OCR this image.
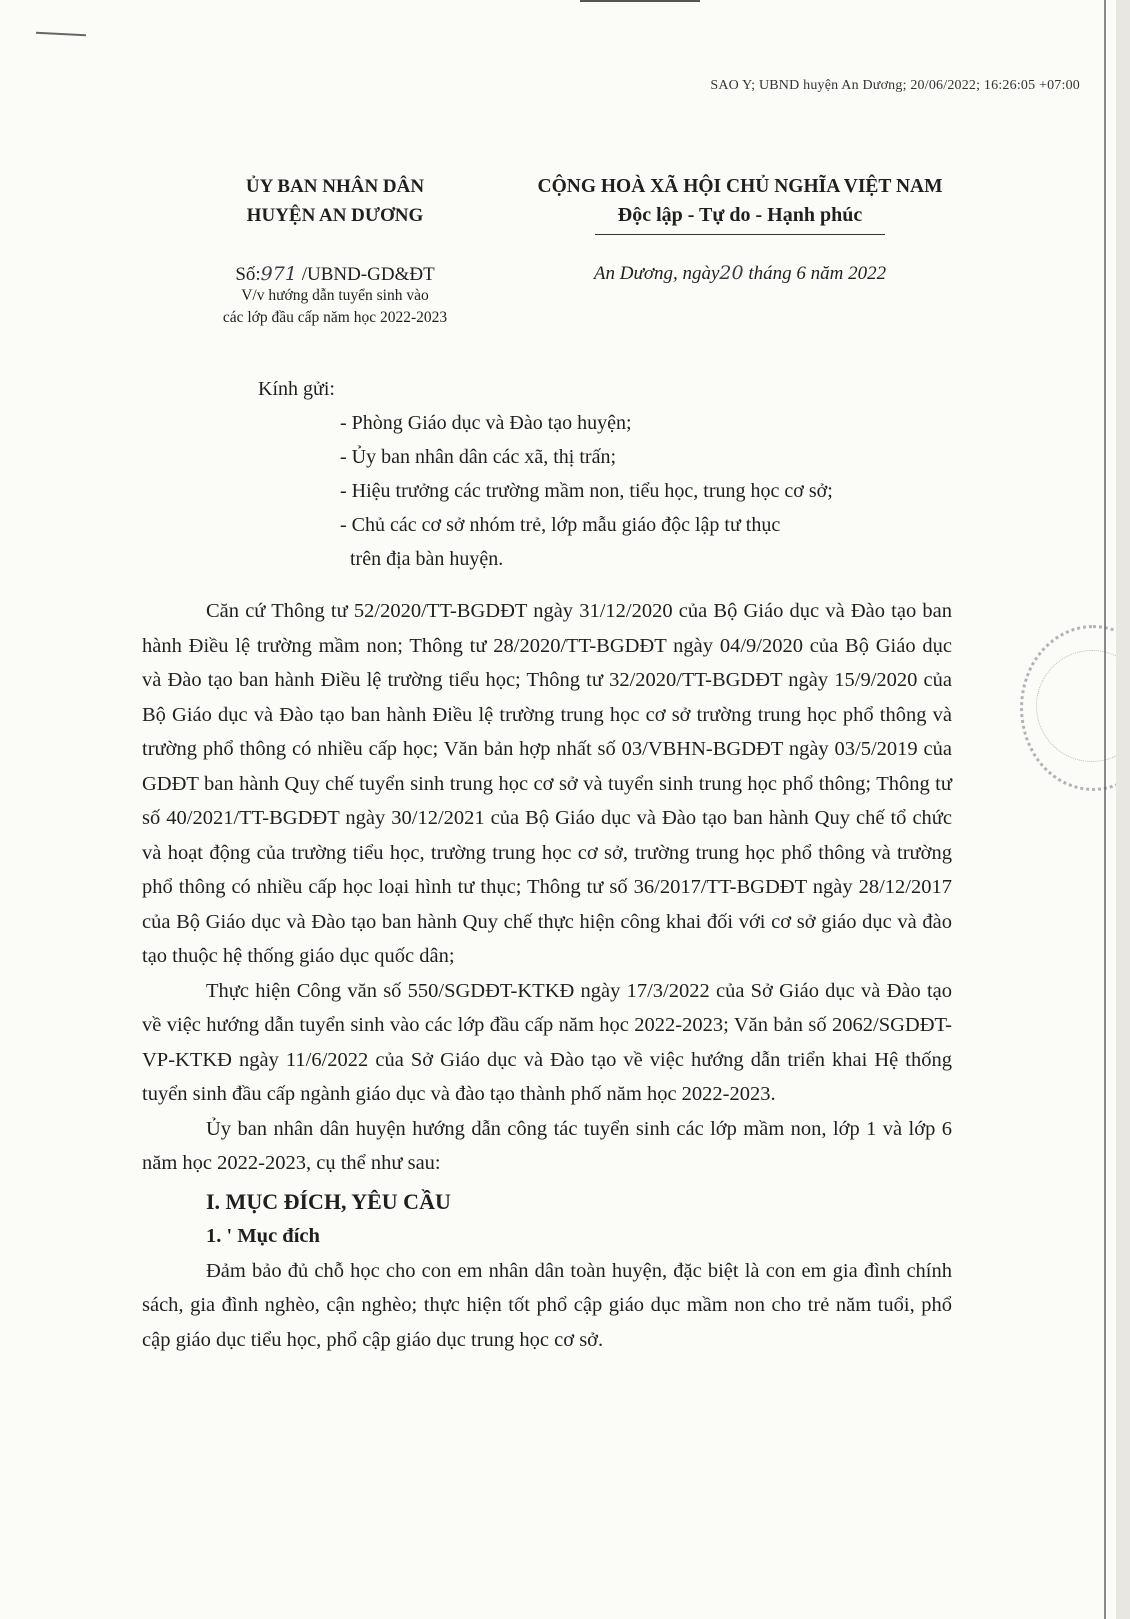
SAO Y; UBND huyện An Dương; 20/06/2022; 16:26:05 +07:00
ỦY BAN NHÂN DÂN
HUYỆN AN DƯƠNG
CỘNG HOÀ XÃ HỘI CHỦ NGHĨA VIỆT NAM
Độc lập - Tự do - Hạnh phúc
Số:971 /UBND-GD&ĐT
V/v hướng dẫn tuyển sinh vào
các lớp đầu cấp năm học 2022-2023
An Dương, ngày20 tháng 6 năm 2022
Kính gửi:
- Phòng Giáo dục và Đào tạo huyện;
- Ủy ban nhân dân các xã, thị trấn;
- Hiệu trưởng các trường mầm non, tiểu học, trung học cơ sở;
- Chủ các cơ sở nhóm trẻ, lớp mẫu giáo độc lập tư thục
trên địa bàn huyện.

Căn cứ Thông tư 52/2020/TT-BGDĐT ngày 31/12/2020 của Bộ Giáo dục và Đào tạo ban hành Điều lệ trường mầm non; Thông tư 28/2020/TT-BGDĐT ngày 04/9/2020 của Bộ Giáo dục và Đào tạo ban hành Điều lệ trường tiểu học; Thông tư 32/2020/TT-BGDĐT ngày 15/9/2020 của Bộ Giáo dục và Đào tạo ban hành Điều lệ trường trung học cơ sở trường trung học phổ thông và trường phổ thông có nhiều cấp học; Văn bản hợp nhất số 03/VBHN-BGDĐT ngày 03/5/2019 của GDĐT ban hành Quy chế tuyển sinh trung học cơ sở và tuyển sinh trung học phổ thông; Thông tư số 40/2021/TT-BGDĐT ngày 30/12/2021 của Bộ Giáo dục và Đào tạo ban hành Quy chế tổ chức và hoạt động của trường tiểu học, trường trung học cơ sở, trường trung học phổ thông và trường phổ thông có nhiều cấp học loại hình tư thục; Thông tư số 36/2017/TT-BGDĐT ngày 28/12/2017 của Bộ Giáo dục và Đào tạo ban hành Quy chế thực hiện công khai đối với cơ sở giáo dục và đào tạo thuộc hệ thống giáo dục quốc dân;

Thực hiện Công văn số 550/SGDĐT-KTKĐ ngày 17/3/2022 của Sở Giáo dục và Đào tạo về việc hướng dẫn tuyển sinh vào các lớp đầu cấp năm học 2022-2023; Văn bản số 2062/SGDĐT-VP-KTKĐ ngày 11/6/2022 của Sở Giáo dục và Đào tạo về việc hướng dẫn triển khai Hệ thống tuyển sinh đầu cấp ngành giáo dục và đào tạo thành phố năm học 2022-2023.

Ủy ban nhân dân huyện hướng dẫn công tác tuyển sinh các lớp mầm non, lớp 1 và lớp 6 năm học 2022-2023, cụ thể như sau:

I. MỤC ĐÍCH, YÊU CẦU

1. ' Mục đích

Đảm bảo đủ chỗ học cho con em nhân dân toàn huyện, đặc biệt là con em gia đình chính sách, gia đình nghèo, cận nghèo; thực hiện tốt phổ cập giáo dục mầm non cho trẻ năm tuổi, phổ cập giáo dục tiểu học, phổ cập giáo dục trung học cơ sở.
